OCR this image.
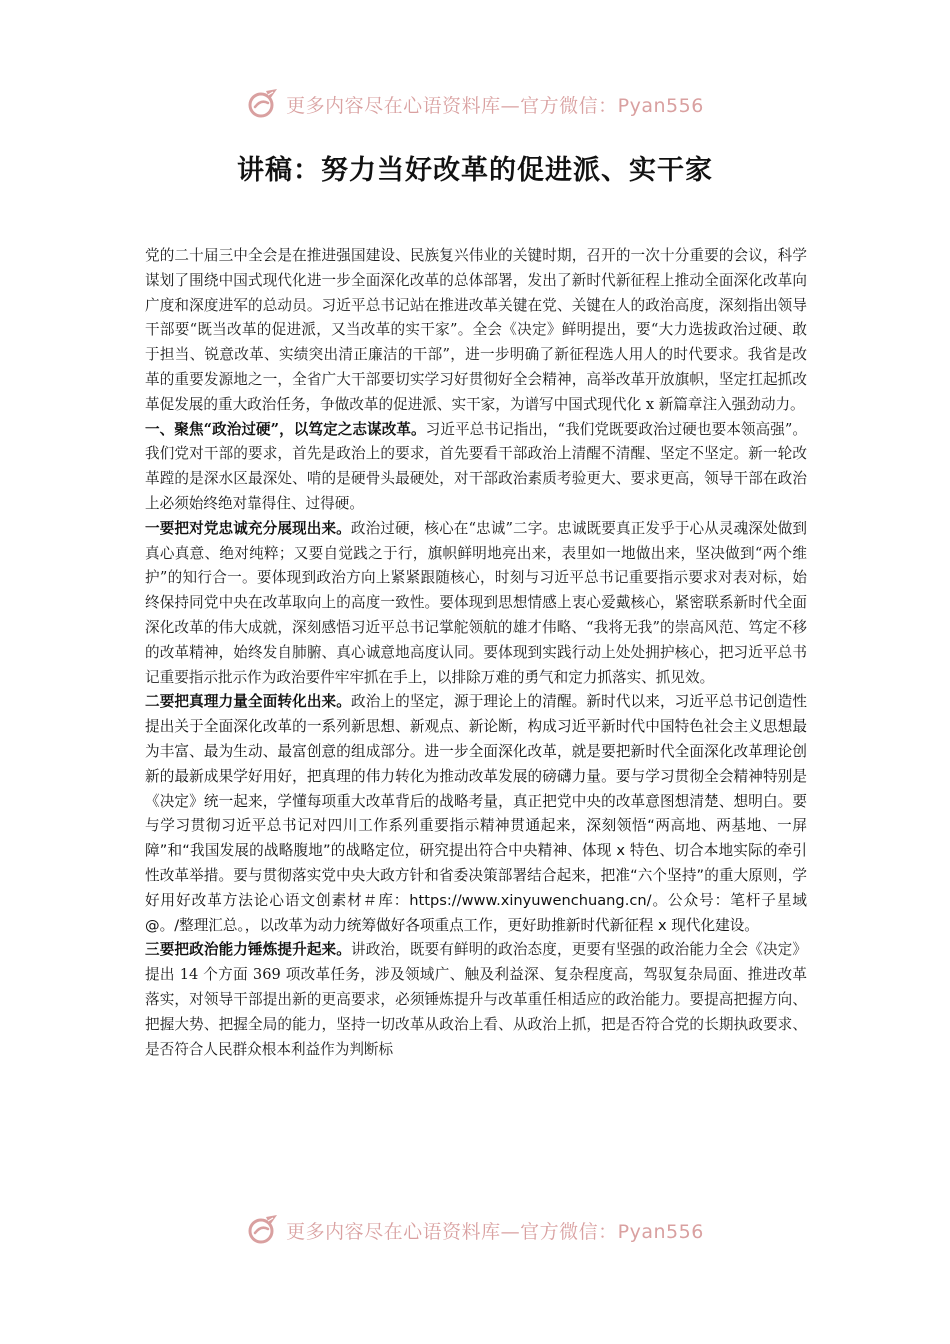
更多内容尽在心语资料库—官方微信：Pyan556
讲稿：努力当好改革的促进派、实干家

党的二十届三中全会是在推进强国建设、民族复兴伟业的关键时期，召开的一次十分重要的会议，科学谋划了围绕中国式现代化进一步全面深化改革的总体部署，发出了新时代新征程上推动全面深化改革向广度和深度进军的总动员。习近平总书记站在推进改革关键在党、关键在人的政治高度，深刻指出领导干部要“既当改革的促进派，又当改革的实干家”。全会《决定》鲜明提出，要“大力选拔政治过硬、敢于担当、锐意改革、实绩突出清正廉洁的干部”，进一步明确了新征程选人用人的时代要求。我省是改革的重要发源地之一，全省广大干部要切实学习好贯彻好全会精神，高举改革开放旗帜，坚定扛起抓改革促发展的重大政治任务，争做改革的促进派、实干家，为谱写中国式现代化 x 新篇章注入强劲动力。

一、聚焦“政治过硬”，以笃定之志谋改革。习近平总书记指出，“我们党既要政治过硬也要本领高强”。我们党对干部的要求，首先是政治上的要求，首先要看干部政治上清醒不清醒、坚定不坚定。新一轮改革蹚的是深水区最深处、啃的是硬骨头最硬处，对干部政治素质考验更大、要求更高，领导干部在政治上必须始终绝对靠得住、过得硬。

一要把对党忠诚充分展现出来。政治过硬，核心在“忠诚”二字。忠诚既要真正发乎于心从灵魂深处做到真心真意、绝对纯粹；又要自觉践之于行，旗帜鲜明地亮出来，表里如一地做出来，坚决做到“两个维护”的知行合一。要体现到政治方向上紧紧跟随核心，时刻与习近平总书记重要指示要求对表对标，始终保持同党中央在改革取向上的高度一致性。要体现到思想情感上衷心爱戴核心，紧密联系新时代全面深化改革的伟大成就，深刻感悟习近平总书记掌舵领航的雄才伟略、“我将无我”的崇高风范、笃定不移的改革精神，始终发自肺腑、真心诚意地高度认同。要体现到实践行动上处处拥护核心，把习近平总书记重要指示批示作为政治要件牢牢抓在手上，以排除万难的勇气和定力抓落实、抓见效。

二要把真理力量全面转化出来。政治上的坚定，源于理论上的清醒。新时代以来，习近平总书记创造性提出关于全面深化改革的一系列新思想、新观点、新论断，构成习近平新时代中国特色社会主义思想最为丰富、最为生动、最富创意的组成部分。进一步全面深化改革，就是要把新时代全面深化改革理论创新的最新成果学好用好，把真理的伟力转化为推动改革发展的磅礴力量。要与学习贯彻全会精神特别是《决定》统一起来，学懂每项重大改革背后的战略考量，真正把党中央的改革意图想清楚、想明白。要与学习贯彻习近平总书记对四川工作系列重要指示精神贯通起来，深刻领悟“两高地、两基地、一屏障”和“我国发展的战略腹地”的战略定位，研究提出符合中央精神、体现 x 特色、切合本地实际的牵引性改革举措。要与贯彻落实党中央大政方针和省委决策部署结合起来，把准“六个坚持”的重大原则，学好用好改革方法论心语文创素材＃库：https://www.xinyuwenchuang.cn/。公众号：笔杆子星域@。/整理汇总。，以改革为动力统筹做好各项重点工作，更好助推新时代新征程 x 现代化建设。

三要把政治能力锤炼提升起来。讲政治，既要有鲜明的政治态度，更要有坚强的政治能力全会《决定》提出 14 个方面 369 项改革任务，涉及领域广、触及利益深、复杂程度高，驾驭复杂局面、推进改革落实，对领导干部提出新的更高要求，必须锤炼提升与改革重任相适应的政治能力。要提高把握方向、把握大势、把握全局的能力，坚持一切改革从政治上看、从政治上抓，把是否符合党的长期执政要求、是否符合人民群众根本利益作为判断标

更多内容尽在心语资料库—官方微信：Pyan556
